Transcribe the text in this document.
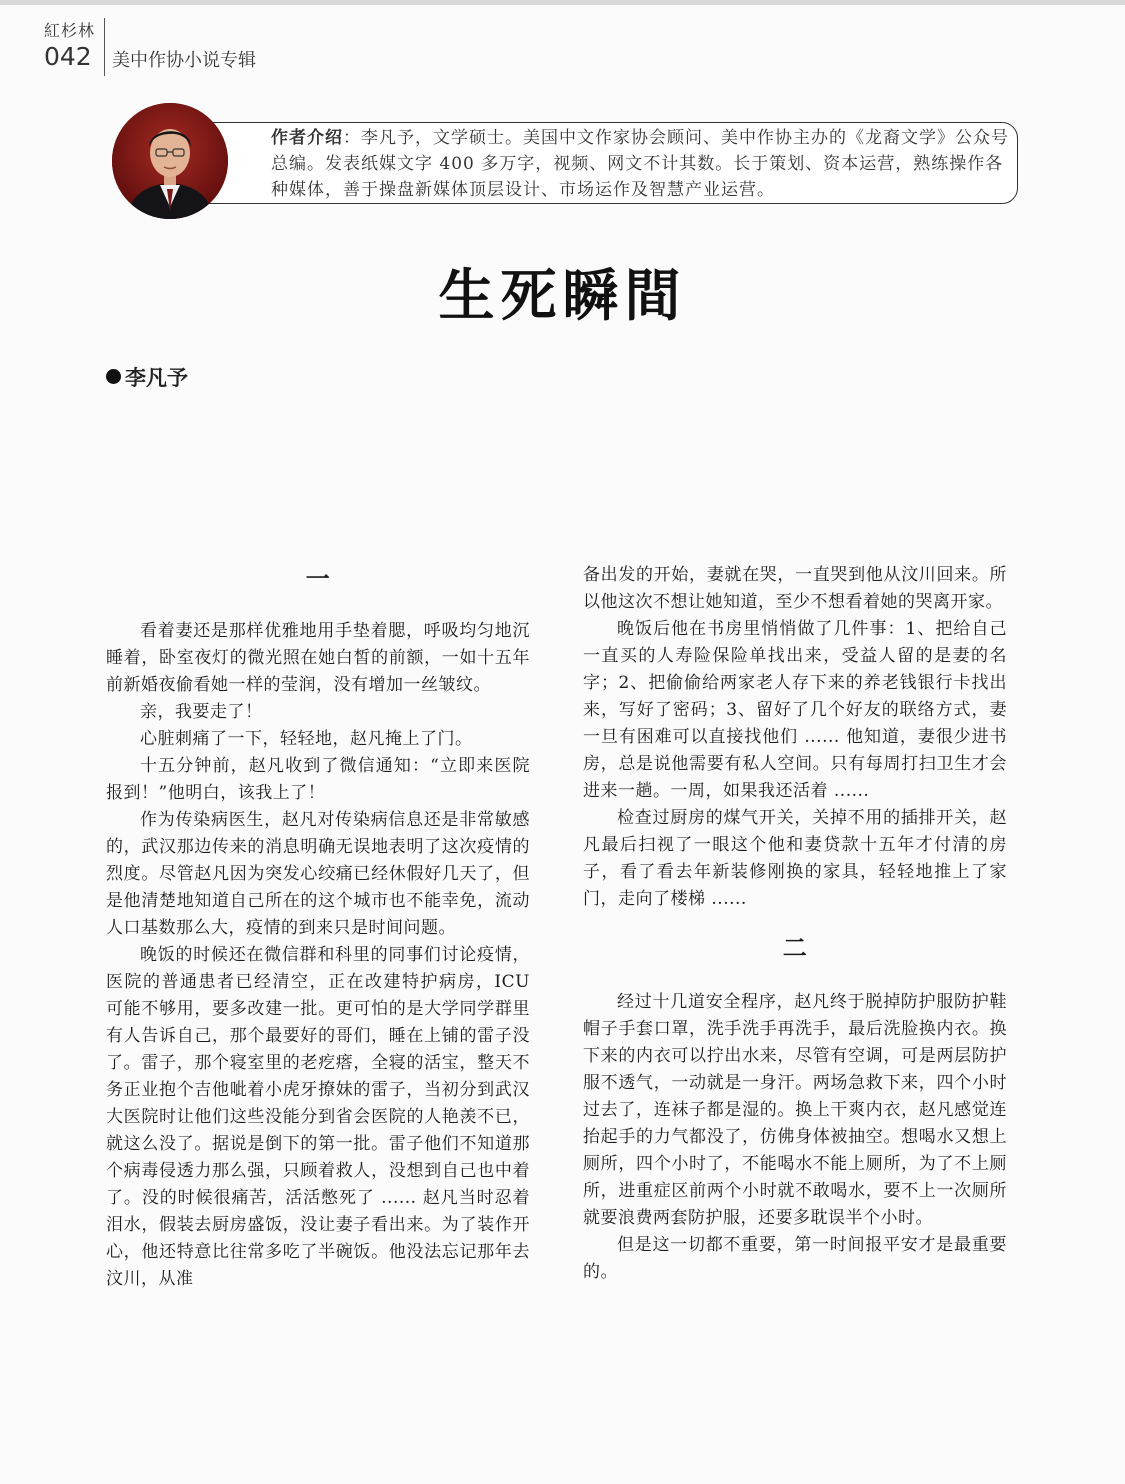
紅杉林
042 美中作协小说专辑
作者介绍：李凡予，文学硕士。美国中文作家协会顾问、美中作协主办的《龙裔文学》公众号总编。发表纸媒文字 400 多万字，视频、网文不计其数。长于策划、资本运营，熟练操作各种媒体，善于操盘新媒体顶层设计、市场运作及智慧产业运营。
生死瞬間
李凡予
一

看着妻还是那样优雅地用手垫着腮，呼吸均匀地沉睡着，卧室夜灯的微光照在她白皙的前额，一如十五年前新婚夜偷看她一样的莹润，没有增加一丝皱纹。

亲，我要走了！

心脏刺痛了一下，轻轻地，赵凡掩上了门。

十五分钟前，赵凡收到了微信通知：“立即来医院报到！”他明白，该我上了！

作为传染病医生，赵凡对传染病信息还是非常敏感的，武汉那边传来的消息明确无误地表明了这次疫情的烈度。尽管赵凡因为突发心绞痛已经休假好几天了，但是他清楚地知道自己所在的这个城市也不能幸免，流动人口基数那么大，疫情的到来只是时间问题。

晚饭的时候还在微信群和科里的同事们讨论疫情，医院的普通患者已经清空，正在改建特护病房，ICU 可能不够用，要多改建一批。更可怕的是大学同学群里有人告诉自己，那个最要好的哥们，睡在上铺的雷子没了。雷子，那个寝室里的老疙瘩，全寝的活宝，整天不务正业抱个吉他呲着小虎牙撩妹的雷子，当初分到武汉大医院时让他们这些没能分到省会医院的人艳羡不已，就这么没了。据说是倒下的第一批。雷子他们不知道那个病毒侵透力那么强，只顾着救人，没想到自己也中着了。没的时候很痛苦，活活憋死了 ...... 赵凡当时忍着泪水，假装去厨房盛饭，没让妻子看出来。为了装作开心，他还特意比往常多吃了半碗饭。他没法忘记那年去汶川，从准

备出发的开始，妻就在哭，一直哭到他从汶川回来。所以他这次不想让她知道，至少不想看着她的哭离开家。

晚饭后他在书房里悄悄做了几件事：1、把给自己一直买的人寿险保险单找出来，受益人留的是妻的名字；2、把偷偷给两家老人存下来的养老钱银行卡找出来，写好了密码；3、留好了几个好友的联络方式，妻一旦有困难可以直接找他们 ...... 他知道，妻很少进书房，总是说他需要有私人空间。只有每周打扫卫生才会进来一趟。一周，如果我还活着 ......

检查过厨房的煤气开关，关掉不用的插排开关，赵凡最后扫视了一眼这个他和妻贷款十五年才付清的房子，看了看去年新装修刚换的家具，轻轻地推上了家门，走向了楼梯 ......

二

经过十几道安全程序，赵凡终于脱掉防护服防护鞋帽子手套口罩，洗手洗手再洗手，最后洗脸换内衣。换下来的内衣可以拧出水来，尽管有空调，可是两层防护服不透气，一动就是一身汗。两场急救下来，四个小时过去了，连袜子都是湿的。换上干爽内衣，赵凡感觉连抬起手的力气都没了，仿佛身体被抽空。想喝水又想上厕所，四个小时了，不能喝水不能上厕所，为了不上厕所，进重症区前两个小时就不敢喝水，要不上一次厕所就要浪费两套防护服，还要多耽误半个小时。

但是这一切都不重要，第一时间报平安才是最重要的。
